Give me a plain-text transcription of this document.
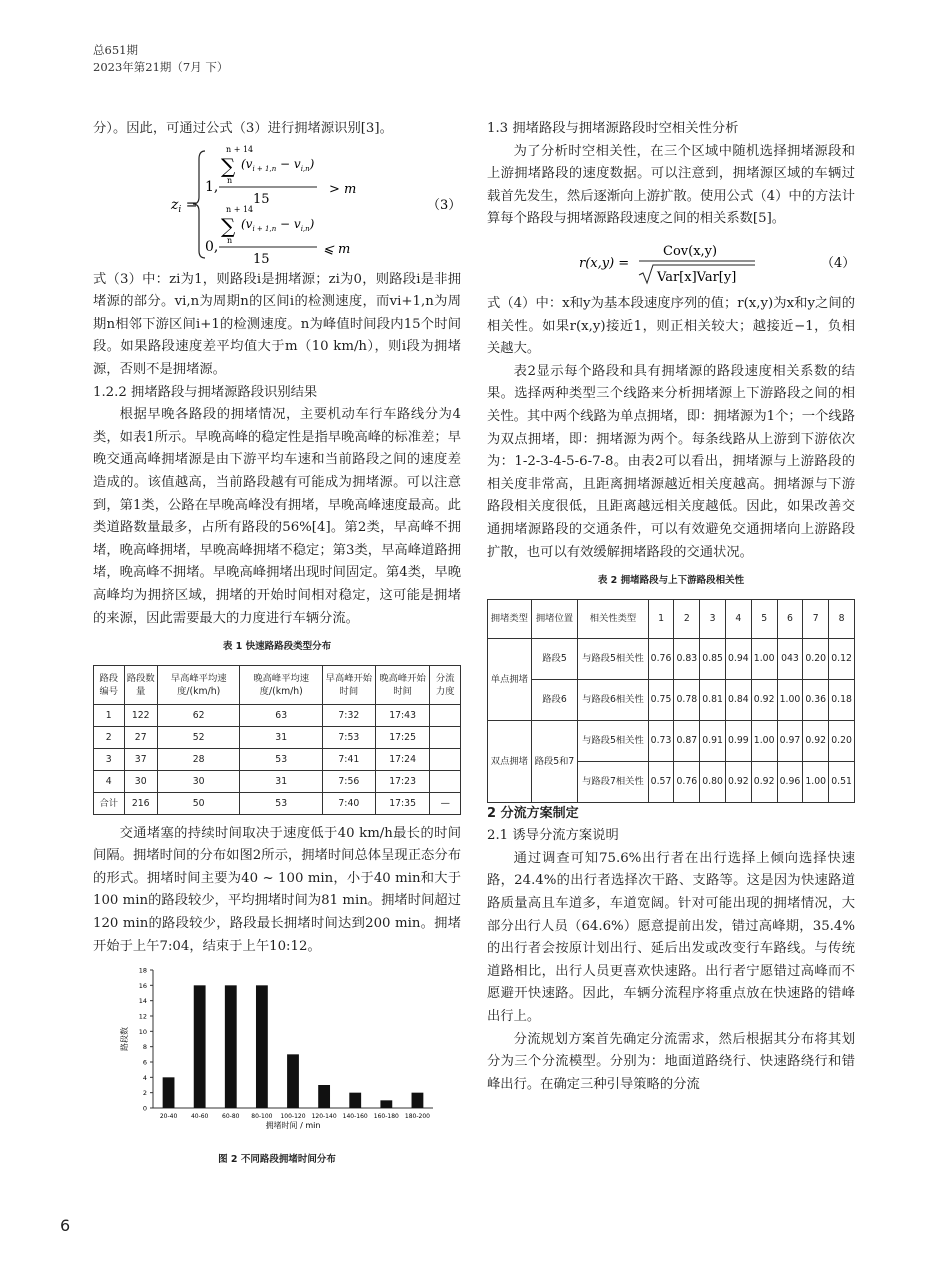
总651期
2023年第21期（7月 下）

分）。因此，可通过公式（3）进行拥堵源识别[3]。

$z_i$ =
n + 14
∑ $(v_{i + 1,n} - v_{i,n})$
n
1,
15
> m
n + 14
∑ $(v_{i + 1,n} - v_{i,n})$
n
0,
15
⩽ m
（3）

式（3）中：zi为1，则路段i是拥堵源；zi为0，则路段i是非拥堵源的部分。vi,n为周期n的区间i的检测速度，而vi+1,n为周期n相邻下游区间i+1的检测速度。n为峰值时间段内15个时间段。如果路段速度差平均值大于m（10 km/h），则i段为拥堵源，否则不是拥堵源。

1.2.2 拥堵路段与拥堵源路段识别结果

根据早晚各路段的拥堵情况，主要机动车行车路线分为4类，如表1所示。早晚高峰的稳定性是指早晚高峰的标准差；早晚交通高峰拥堵源是由下游平均车速和当前路段之间的速度差造成的。该值越高，当前路段越有可能成为拥堵源。可以注意到，第1类，公路在早晚高峰没有拥堵，早晚高峰速度最高。此类道路数量最多，占所有路段的56%[4]。第2类，早高峰不拥堵，晚高峰拥堵，早晚高峰拥堵不稳定；第3类，早高峰道路拥堵，晚高峰不拥堵。早晚高峰拥堵出现时间固定。第4类，早晚高峰均为拥挤区域，拥堵的开始时间相对稳定，这可能是拥堵的来源，因此需要最大的力度进行车辆分流。

表 1 快速路路段类型分布
路段编号	路段数量	早高峰平均速度/(km/h)	晚高峰平均速度/(km/h)	早高峰开始时间	晚高峰开始时间	分流力度
1	122	62	63	7:32	17:43	
2	27	52	31	7:53	17:25	
3	37	28	53	7:41	17:24	
4	30	30	31	7:56	17:23	
合计	216	50	53	7:40	17:35	—

交通堵塞的持续时间取决于速度低于40 km/h最长的时间间隔。拥堵时间的分布如图2所示，拥堵时间总体呈现正态分布的形式。拥堵时间主要为40 ~ 100 min，小于40 min和大于100 min的路段较少，平均拥堵时间为81 min。拥堵时间超过120 min的路段较少，路段最长拥堵时间达到200 min。拥堵开始于上午7:04，结束于上午10:12。

0
2
4
6
8
10
12
14
16
18
20-40 40-60 60-80 80-100 100-120 120-140 140-160 160-180 180-200
拥堵时间 / min
路段数
图 2 不同路段拥堵时间分布

1.3 拥堵路段与拥堵源路段时空相关性分析

为了分析时空相关性，在三个区域中随机选择拥堵源段和上游拥堵路段的速度数据。可以注意到，拥堵源区域的车辆过载首先发生，然后逐渐向上游扩散。使用公式（4）中的方法计算每个路段与拥堵源路段速度之间的相关系数[5]。

r(x,y) =
Cov(x,y)
Var[x]Var[y]
（4）

式（4）中：x和y为基本段速度序列的值；r(x,y)为x和y之间的相关性。如果r(x,y)接近1，则正相关较大；越接近−1，负相关越大。

表2显示每个路段和具有拥堵源的路段速度相关系数的结果。选择两种类型三个线路来分析拥堵源上下游路段之间的相关性。其中两个线路为单点拥堵，即：拥堵源为1个；一个线路为双点拥堵，即：拥堵源为两个。每条线路从上游到下游依次为：1-2-3-4-5-6-7-8。由表2可以看出，拥堵源与上游路段的相关度非常高，且距离拥堵源越近相关度越高。拥堵源与下游路段相关度很低，且距离越远相关度越低。因此，如果改善交通拥堵源路段的交通条件，可以有效避免交通拥堵向上游路段扩散，也可以有效缓解拥堵路段的交通状况。

表 2 拥堵路段与上下游路段相关性
拥堵类型	拥堵位置	相关性类型	1	2	3	4	5	6	7	8
单点拥堵	路段5	与路段5相关性	0.76	0.83	0.85	0.94	1.00	043	0.20	0.12
	路段6	与路段6相关性	0.75	0.78	0.81	0.84	0.92	1.00	0.36	0.18
双点拥堵	路段5和7	与路段5相关性	0.73	0.87	0.91	0.99	1.00	0.97	0.92	0.20
		与路段7相关性	0.57	0.76	0.80	0.92	0.92	0.96	1.00	0.51

2 分流方案制定

2.1 诱导分流方案说明

通过调查可知75.6%出行者在出行选择上倾向选择快速路，24.4%的出行者选择次干路、支路等。这是因为快速路道路质量高且车道多，车道宽阔。针对可能出现的拥堵情况，大部分出行人员（64.6%）愿意提前出发，错过高峰期，35.4%的出行者会按原计划出行、延后出发或改变行车路线。与传统道路相比，出行人员更喜欢快速路。出行者宁愿错过高峰而不愿避开快速路。因此，车辆分流程序将重点放在快速路的错峰出行上。

分流规划方案首先确定分流需求，然后根据其分布将其划分为三个分流模型。分别为：地面道路绕行、快速路绕行和错峰出行。在确定三种引导策略的分流

6
